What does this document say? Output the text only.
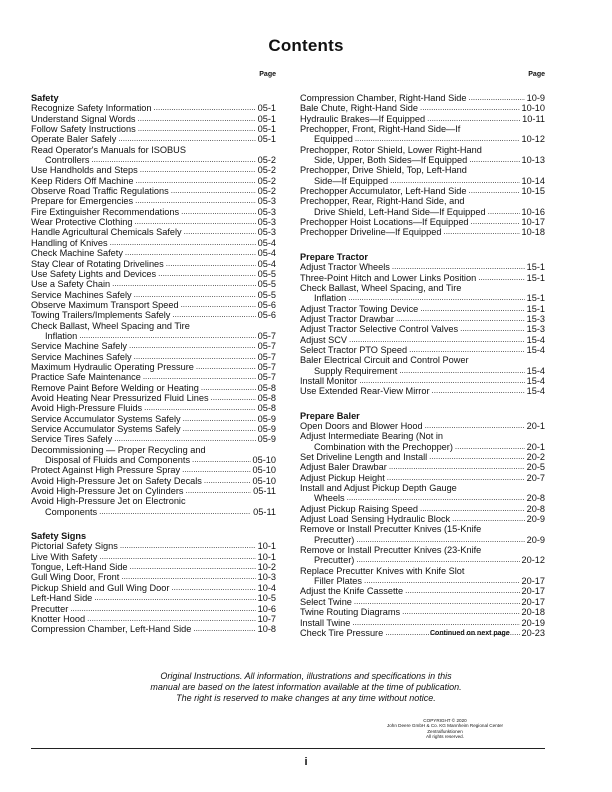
Contents
Page
Safety
Recognize Safety Information .....	05-1
Understand Signal Words .....	05-1
Follow Safety Instructions .....	05-1
Operate Baler Safely .....	05-1
Read Operator's Manuals for ISOBUS
Controllers .....	05-2
Use Handholds and Steps .....	05-2
Keep Riders Off Machine .....	05-2
Observe Road Traffic Regulations .....	05-2
Prepare for Emergencies .....	05-3
Fire Extinguisher Recommendations .....	05-3
Wear Protective Clothing .....	05-3
Handle Agricultural Chemicals Safely .....	05-3
Handling of Knives .....	05-4
Check Machine Safety .....	05-4
Stay Clear of Rotating Drivelines .....	05-4
Use Safety Lights and Devices .....	05-5
Use a Safety Chain .....	05-5
Service Machines Safely .....	05-5
Observe Maximum Transport Speed .....	05-6
Towing Trailers/Implements Safely .....	05-6
Check Ballast, Wheel Spacing and Tire
Inflation .....	05-7
Service Machine Safely .....	05-7
Service Machines Safely .....	05-7
Maximum Hydraulic Operating Pressure .....	05-7
Practice Safe Maintenance .....	05-7
Remove Paint Before Welding or Heating .....	05-8
Avoid Heating Near Pressurized Fluid Lines .....	05-8
Avoid High-Pressure Fluids .....	05-8
Service Accumulator Systems Safely .....	05-9
Service Accumulator Systems Safely .....	05-9
Service Tires Safely .....	05-9
Decommissioning — Proper Recycling and
Disposal of Fluids and Components .....	05-10
Protect Against High Pressure Spray .....	05-10
Avoid High-Pressure Jet on Safety Decals .....	05-10
Avoid High-Pressure Jet on Cylinders .....	05-11
Avoid High-Pressure Jet on Electronic
Components .....	05-11
Safety Signs
Pictorial Safety Signs .....	10-1
Live With Safety .....	10-1
Tongue, Left-Hand Side .....	10-2
Gull Wing Door, Front .....	10-3
Pickup Shield and Gull Wing Door .....	10-4
Left-Hand Side .....	10-5
Precutter .....	10-6
Knotter Hood .....	10-7
Compression Chamber, Left-Hand Side .....	10-8
Page
Compression Chamber, Right-Hand Side .....	10-9
Bale Chute, Right-Hand Side .....	10-10
Hydraulic Brakes—If Equipped .....	10-11
Prechopper, Front, Right-Hand Side—If
Equipped .....	10-12
Prechopper, Rotor Shield, Lower Right-Hand
Side, Upper, Both Sides—If Equipped .....	10-13
Prechopper, Drive Shield, Top, Left-Hand
Side—If Equipped .....	10-14
Prechopper Accumulator, Left-Hand Side .....	10-15
Prechopper, Rear, Right-Hand Side, and
Drive Shield, Left-Hand Side—If Equipped .....	10-16
Prechopper Hoist Locations—If Equipped .....	10-17
Prechopper Driveline—If Equipped .....	10-18
Prepare Tractor
Adjust Tractor Wheels .....	15-1
Three-Point Hitch and Lower Links Position .....	15-1
Check Ballast, Wheel Spacing, and Tire
Inflation .....	15-1
Adjust Tractor Towing Device .....	15-1
Adjust Tractor Drawbar .....	15-3
Adjust Tractor Selective Control Valves .....	15-3
Adjust SCV .....	15-4
Select Tractor PTO Speed .....	15-4
Baler Electrical Circuit and Control Power
Supply Requirement .....	15-4
Install Monitor .....	15-4
Use Extended Rear-View Mirror .....	15-4
Prepare Baler
Open Doors and Blower Hood .....	20-1
Adjust Intermediate Bearing (Not in
Combination with the Prechopper) .....	20-1
Set Driveline Length and Install .....	20-2
Adjust Baler Drawbar .....	20-5
Adjust Pickup Height .....	20-7
Install and Adjust Pickup Depth Gauge
Wheels .....	20-8
Adjust Pickup Raising Speed .....	20-8
Adjust Load Sensing Hydraulic Block .....	20-9
Remove or Install Precutter Knives (15-Knife
Precutter) .....	20-9
Remove or Install Precutter Knives (23-Knife
Precutter) .....	20-12
Replace Precutter Knives with Knife Slot
Filler Plates .....	20-17
Adjust the Knife Cassette .....	20-17
Select Twine .....	20-17
Twine Routing Diagrams .....	20-18
Install Twine .....	20-19
Check Tire Pressure .....	20-23
Continued on next page
Original Instructions. All information, illustrations and specifications in this
manual are based on the latest information available at the time of publication.
The right is reserved to make changes at any time without notice.
COPYRIGHT © 2020
John Deere GmbH & Co. KG Mannheim Regional Center
Zentralfunktionen
All rights reserved.
i
